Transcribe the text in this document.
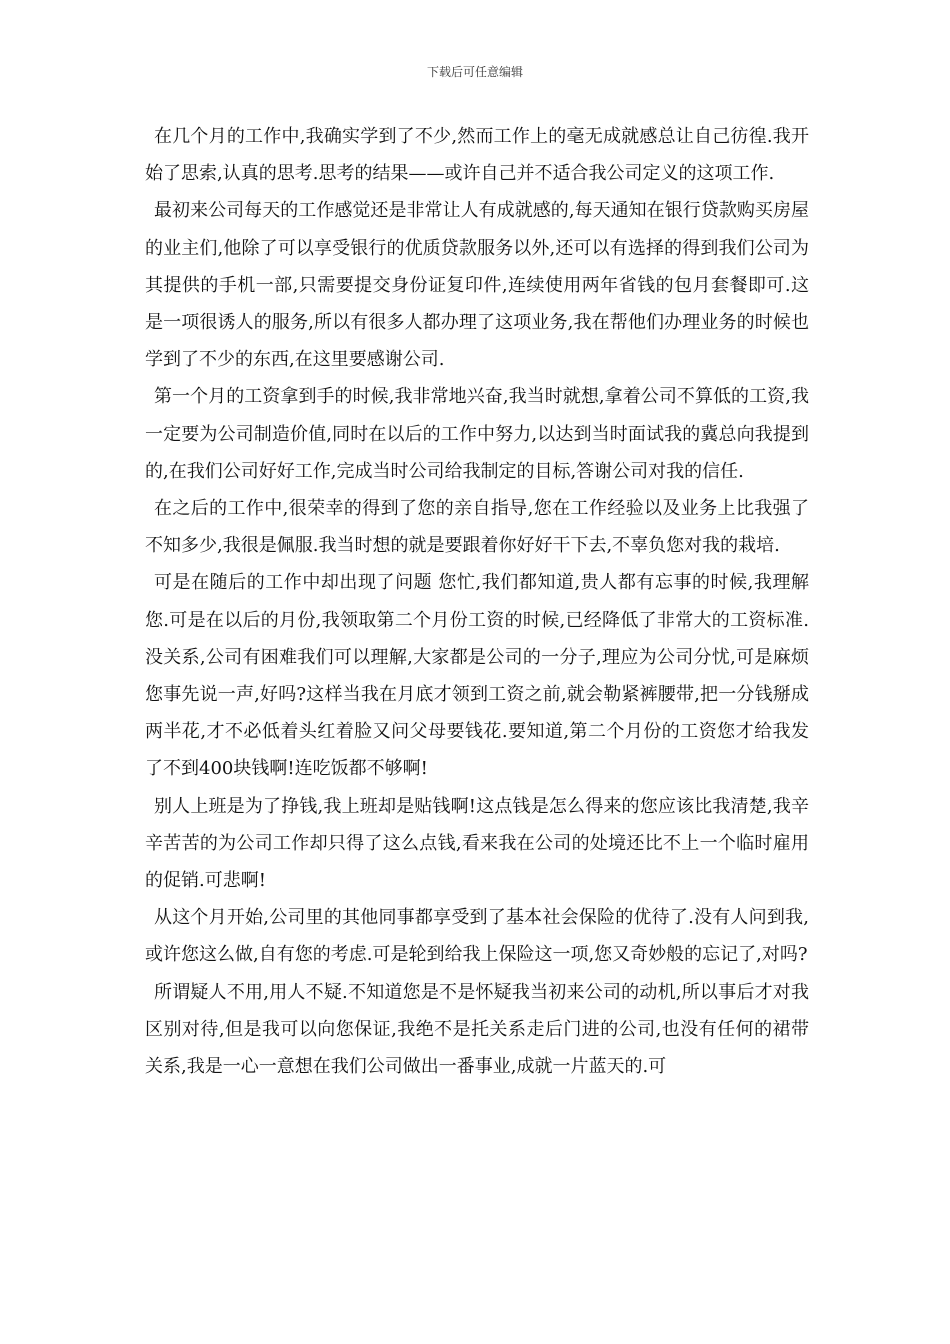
下载后可任意编辑

在几个月的工作中,我确实学到了不少,然而工作上的毫无成就感总让自己彷徨.我开始了思索,认真的思考.思考的结果——或许自己并不适合我公司定义的这项工作.

最初来公司每天的工作感觉还是非常让人有成就感的,每天通知在银行贷款购买房屋的业主们,他除了可以享受银行的优质贷款服务以外,还可以有选择的得到我们公司为其提供的手机一部,只需要提交身份证复印件,连续使用两年省钱的包月套餐即可.这是一项很诱人的服务,所以有很多人都办理了这项业务,我在帮他们办理业务的时候也学到了不少的东西,在这里要感谢公司.

第一个月的工资拿到手的时候,我非常地兴奋,我当时就想,拿着公司不算低的工资,我一定要为公司制造价值,同时在以后的工作中努力,以达到当时面试我的冀总向我提到的,在我们公司好好工作,完成当时公司给我制定的目标,答谢公司对我的信任.

在之后的工作中,很荣幸的得到了您的亲自指导,您在工作经验以及业务上比我强了不知多少,我很是佩服.我当时想的就是要跟着你好好干下去,不辜负您对我的栽培.

可是在随后的工作中却出现了问题 您忙,我们都知道,贵人都有忘事的时候,我理解您.可是在以后的月份,我领取第二个月份工资的时候,已经降低了非常大的工资标准.没关系,公司有困难我们可以理解,大家都是公司的一分子,理应为公司分忧,可是麻烦您事先说一声,好吗?这样当我在月底才领到工资之前,就会勒紧裤腰带,把一分钱掰成两半花,才不必低着头红着脸又问父母要钱花.要知道,第二个月份的工资您才给我发了不到400块钱啊!连吃饭都不够啊!

别人上班是为了挣钱,我上班却是贴钱啊!这点钱是怎么得来的您应该比我清楚,我辛辛苦苦的为公司工作却只得了这么点钱,看来我在公司的处境还比不上一个临时雇用的促销.可悲啊!

从这个月开始,公司里的其他同事都享受到了基本社会保险的优待了.没有人问到我,或许您这么做,自有您的考虑.可是轮到给我上保险这一项,您又奇妙般的忘记了,对吗?

所谓疑人不用,用人不疑.不知道您是不是怀疑我当初来公司的动机,所以事后才对我区别对待,但是我可以向您保证,我绝不是托关系走后门进的公司,也没有任何的裙带关系,我是一心一意想在我们公司做出一番事业,成就一片蓝天的.可
